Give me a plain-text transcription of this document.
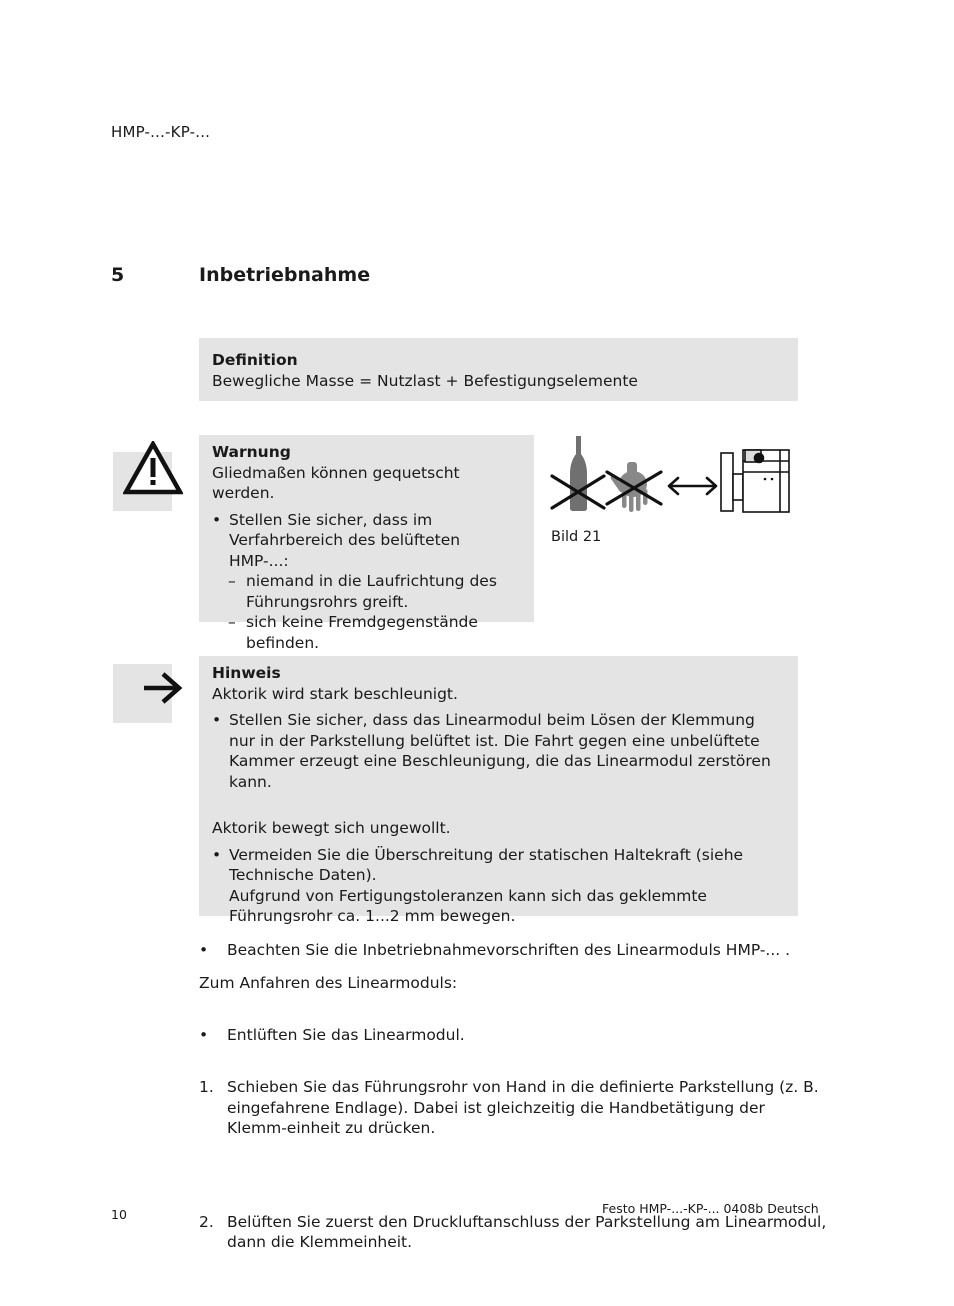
HMP-...-KP-...
5	Inbetriebnahme
Definition
Bewegliche Masse = Nutzlast + Befestigungselemente
Warnung
Gliedmaßen können gequetscht werden.
• Stellen Sie sicher, dass im Verfahrbereich des belüfteten HMP-...:
– niemand in die Laufrichtung des Führungsrohrs greift.
– sich keine Fremdgegenstände befinden.
Bild 21
Hinweis
Aktorik wird stark beschleunigt.
• Stellen Sie sicher, dass das Linearmodul beim Lösen der Klemmung nur in der Parkstellung belüftet ist. Die Fahrt gegen eine unbelüftete Kammer erzeugt eine Beschleunigung, die das Linearmodul zerstören kann.
Aktorik bewegt sich ungewollt.
• Vermeiden Sie die Überschreitung der statischen Haltekraft (siehe Technische Daten).
Aufgrund von Fertigungstoleranzen kann sich das geklemmte Führungsrohr ca. 1...2 mm bewegen.
• Beachten Sie die Inbetriebnahmevorschriften des Linearmoduls HMP-... .
Zum Anfahren des Linearmoduls:
• Entlüften Sie das Linearmodul.
1. Schieben Sie das Führungsrohr von Hand in die definierte Parkstellung (z. B. eingefahrene Endlage). Dabei ist gleichzeitig die Handbetätigung der Klemm-einheit zu drücken.
2. Belüften Sie zuerst den Druckluftanschluss der Parkstellung am Linearmodul, dann die Klemmeinheit.
10	Festo HMP-...-KP-... 0408b Deutsch
